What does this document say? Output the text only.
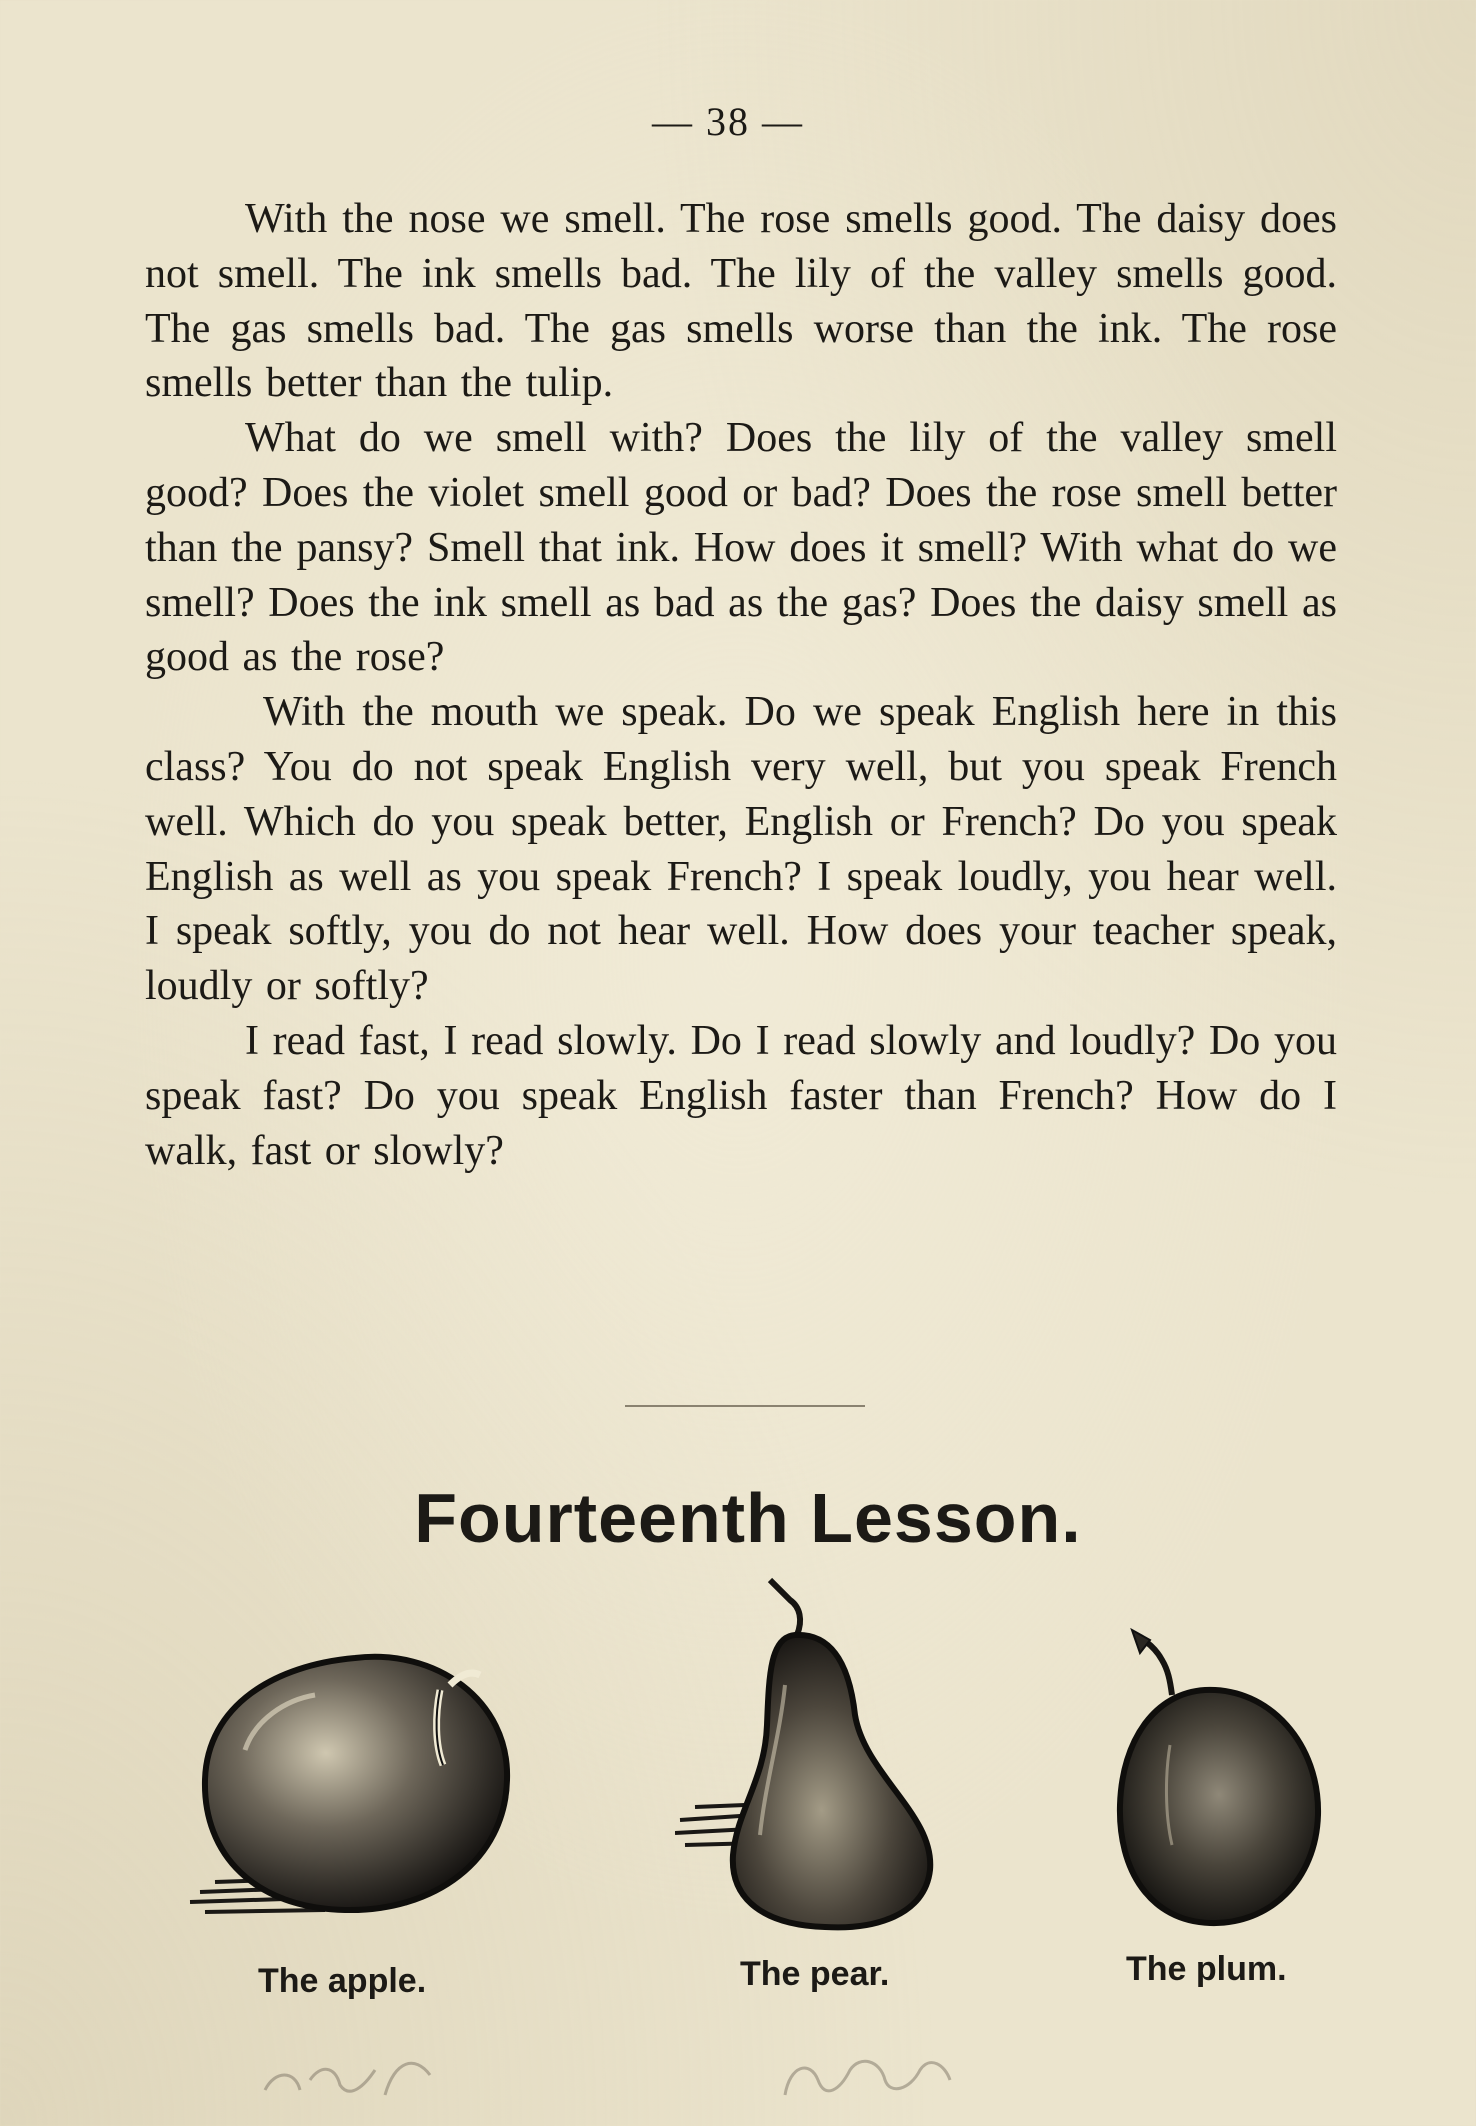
— 38 —

With the nose we smell. The rose smells good. The daisy does not smell. The ink smells bad. The lily of the valley smells good. The gas smells bad. The gas smells worse than the ink. The rose smells better than the tulip.

What do we smell with? Does the lily of the valley smell good? Does the violet smell good or bad? Does the rose smell better than the pansy? Smell that ink. How does it smell? With what do we smell? Does the ink smell as bad as the gas? Does the daisy smell as good as the rose?

With the mouth we speak. Do we speak English here in this class? You do not speak English very well, but you speak French well. Which do you speak better, English or French? Do you speak English as well as you speak French? I speak loudly, you hear well. I speak softly, you do not hear well. How does your teacher speak, loudly or softly?

I read fast, I read slowly. Do I read slowly and loudly? Do you speak fast? Do you speak English faster than French? How do I walk, fast or slowly?

Fourteenth Lesson.
The apple.	The pear.	The plum.
